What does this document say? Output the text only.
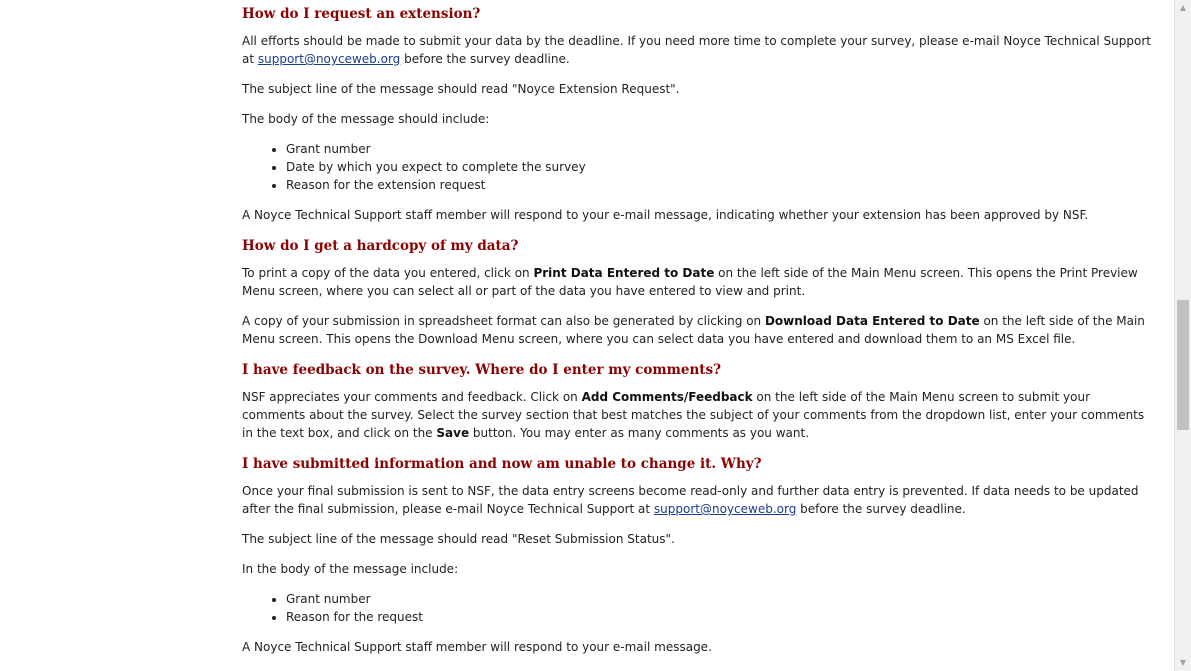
How do I request an extension?

All efforts should be made to submit your data by the deadline. If you need more time to complete your survey, please e-mail Noyce Technical Support at support@noyceweb.org before the survey deadline.

The subject line of the message should read "Noyce Extension Request".

The body of the message should include:

• Grant number
• Date by which you expect to complete the survey
• Reason for the extension request

A Noyce Technical Support staff member will respond to your e-mail message, indicating whether your extension has been approved by NSF.

How do I get a hardcopy of my data?

To print a copy of the data you entered, click on Print Data Entered to Date on the left side of the Main Menu screen. This opens the Print Preview Menu screen, where you can select all or part of the data you have entered to view and print.

A copy of your submission in spreadsheet format can also be generated by clicking on Download Data Entered to Date on the left side of the Main Menu screen. This opens the Download Menu screen, where you can select data you have entered and download them to an MS Excel file.

I have feedback on the survey. Where do I enter my comments?

NSF appreciates your comments and feedback. Click on Add Comments/Feedback on the left side of the Main Menu screen to submit your comments about the survey. Select the survey section that best matches the subject of your comments from the dropdown list, enter your comments in the text box, and click on the Save button. You may enter as many comments as you want.

I have submitted information and now am unable to change it. Why?

Once your final submission is sent to NSF, the data entry screens become read-only and further data entry is prevented. If data needs to be updated after the final submission, please e-mail Noyce Technical Support at support@noyceweb.org before the survey deadline.

The subject line of the message should read "Reset Submission Status".

In the body of the message include:

• Grant number
• Reason for the request

A Noyce Technical Support staff member will respond to your e-mail message.

▲
▼
